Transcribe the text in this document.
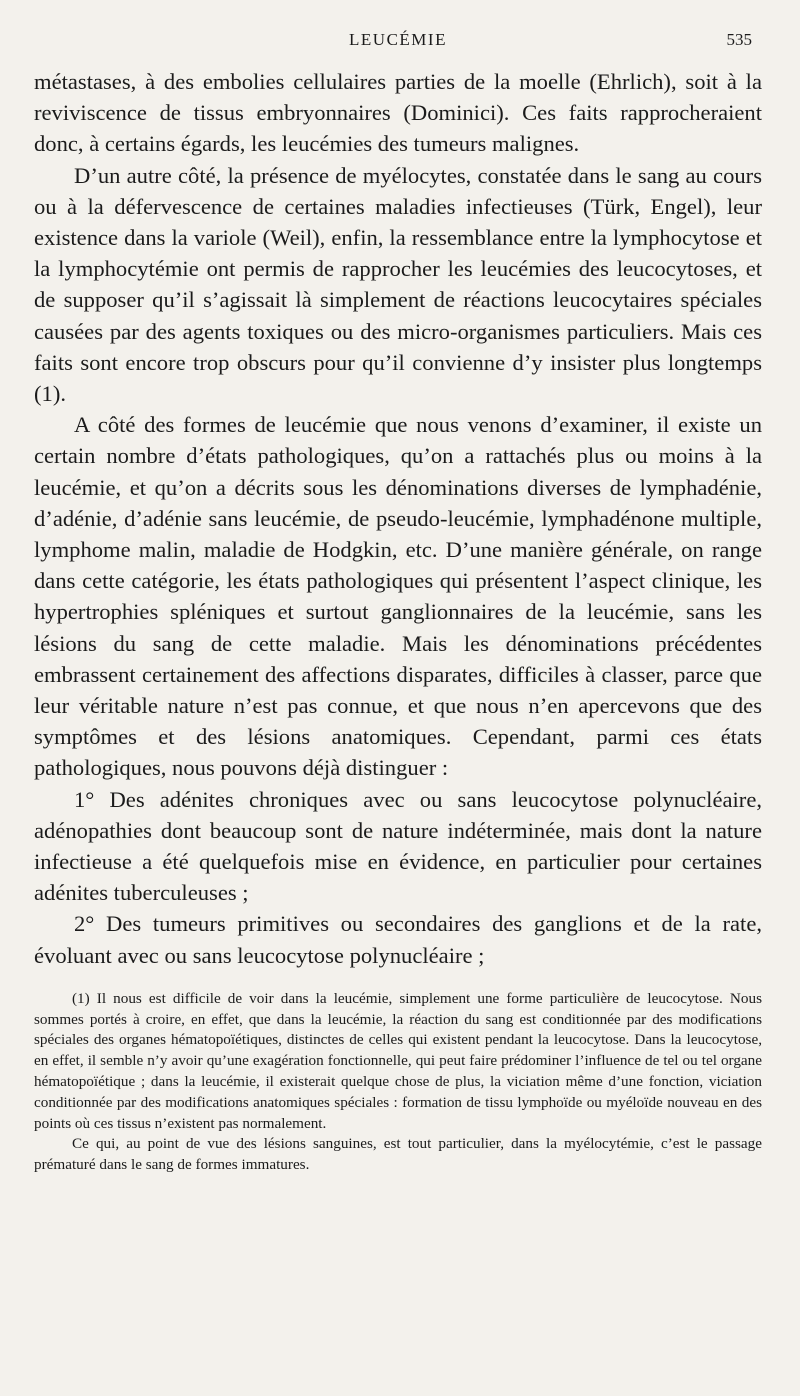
LEUCÉMIE	535

métastases, à des embolies cellulaires parties de la moelle (Ehrlich), soit à la reviviscence de tissus embryonnaires (Dominici). Ces faits rapprocheraient donc, à certains égards, les leucémies des tumeurs malignes.

D’un autre côté, la présence de myélocytes, constatée dans le sang au cours ou à la défervescence de certaines maladies infectieuses (Türk, Engel), leur existence dans la variole (Weil), enfin, la ressemblance entre la lymphocytose et la lymphocytémie ont permis de rapprocher les leucémies des leucocytoses, et de supposer qu’il s’agissait là simplement de réactions leucocytaires spéciales causées par des agents toxiques ou des micro-organismes particuliers. Mais ces faits sont encore trop obscurs pour qu’il convienne d’y insister plus longtemps (1).

A côté des formes de leucémie que nous venons d’examiner, il existe un certain nombre d’états pathologiques, qu’on a rattachés plus ou moins à la leucémie, et qu’on a décrits sous les dénominations diverses de lymphadénie, d’adénie, d’adénie sans leucémie, de pseudo-leucémie, lymphadénone multiple, lymphome malin, maladie de Hodgkin, etc. D’une manière générale, on range dans cette catégorie, les états pathologiques qui présentent l’aspect clinique, les hypertrophies spléniques et surtout ganglionnaires de la leucémie, sans les lésions du sang de cette maladie. Mais les dénominations précédentes embrassent certainement des affections disparates, difficiles à classer, parce que leur véritable nature n’est pas connue, et que nous n’en apercevons que des symptômes et des lésions anatomiques. Cependant, parmi ces états pathologiques, nous pouvons déjà distinguer :

1° Des adénites chroniques avec ou sans leucocytose polynucléaire, adénopathies dont beaucoup sont de nature indéterminée, mais dont la nature infectieuse a été quelquefois mise en évidence, en particulier pour certaines adénites tuberculeuses ;

2° Des tumeurs primitives ou secondaires des ganglions et de la rate, évoluant avec ou sans leucocytose polynucléaire ;

(1) Il nous est difficile de voir dans la leucémie, simplement une forme particulière de leucocytose. Nous sommes portés à croire, en effet, que dans la leucémie, la réaction du sang est conditionnée par des modifications spéciales des organes hématopoïétiques, distinctes de celles qui existent pendant la leucocytose. Dans la leucocytose, en effet, il semble n’y avoir qu’une exagération fonctionnelle, qui peut faire prédominer l’influence de tel ou tel organe hématopoïétique ; dans la leucémie, il existerait quelque chose de plus, la viciation même d’une fonction, viciation conditionnée par des modifications anatomiques spéciales : formation de tissu lymphoïde ou myéloïde nouveau en des points où ces tissus n’existent pas normalement.

Ce qui, au point de vue des lésions sanguines, est tout particulier, dans la myélocytémie, c’est le passage prématuré dans le sang de formes immatures.
